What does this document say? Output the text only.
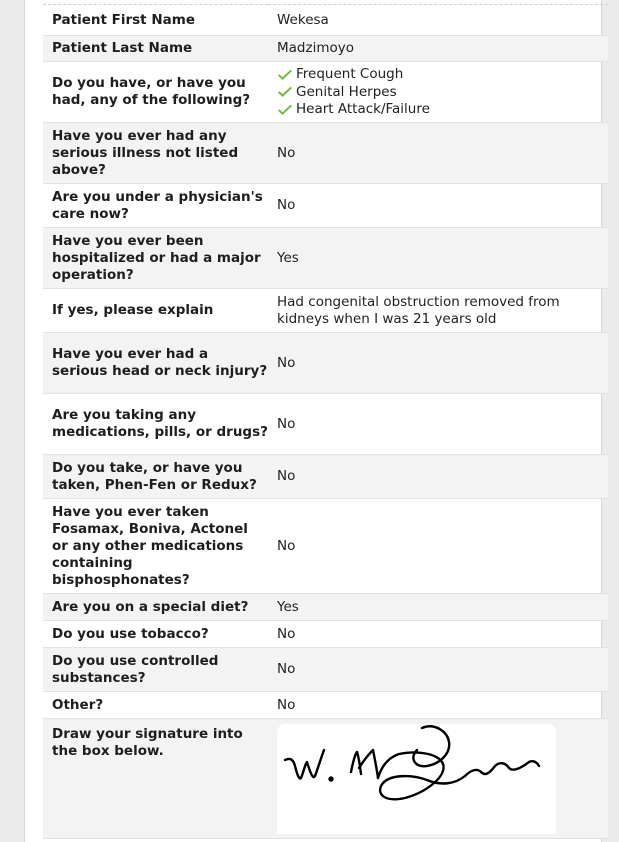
Patient First Name	Wekesa
Patient Last Name	Madzimoyo
Do you have, or have you had, any of the following?	Frequent Cough
Genital Herpes
Heart Attack/Failure

Have you ever had any serious illness not listed above?	No
Are you under a physician's care now?	No
Have you ever been hospitalized or had a major operation?	Yes
If yes, please explain	Had congenital obstruction removed from kidneys when I was 21 years old
Have you ever had a serious head or neck injury?	No
Are you taking any medications, pills, or drugs?	No
Do you take, or have you taken, Phen-Fen or Redux?	No
Have you ever taken Fosamax, Boniva, Actonel or any other medications containing bisphosphonates?	No
Are you on a special diet?	Yes
Do you use tobacco?	No
Do you use controlled substances?	No
Other?	No
Draw your signature into the box below.	
